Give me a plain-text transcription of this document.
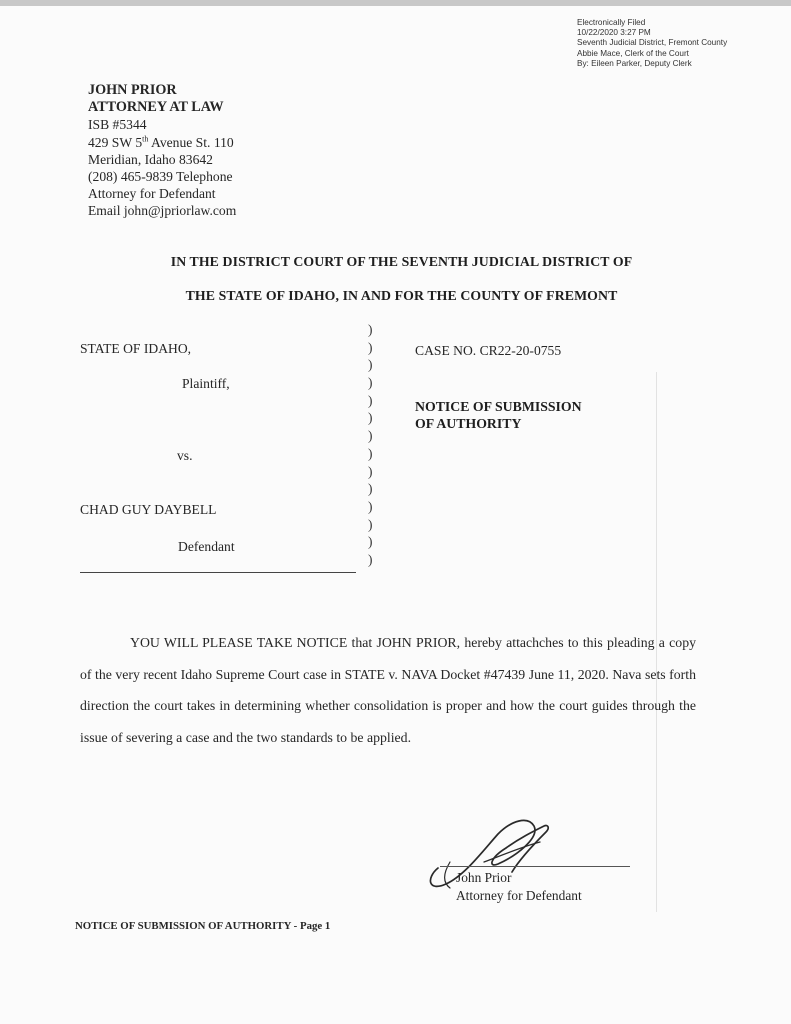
Electronically Filed
10/22/2020 3:27 PM
Seventh Judicial District, Fremont County
Abbie Mace, Clerk of the Court
By: Eileen Parker, Deputy Clerk
JOHN PRIOR
ATTORNEY AT LAW
ISB #5344
429 SW 5th Avenue St. 110
Meridian, Idaho 83642
(208) 465-9839 Telephone
Attorney for Defendant
Email john@jpriorlaw.com
IN THE DISTRICT COURT OF THE SEVENTH JUDICIAL DISTRICT OF
THE STATE OF IDAHO, IN AND FOR THE COUNTY OF FREMONT
STATE OF IDAHO,
Plaintiff,
vs.
CHAD GUY DAYBELL
Defendant
)
)
)
)
)
)
)
)
)
)
)
)
)
)
CASE NO. CR22-20-0755
NOTICE OF SUBMISSION
OF AUTHORITY

YOU WILL PLEASE TAKE NOTICE that JOHN PRIOR, hereby attachches to this pleading a copy of the very recent Idaho Supreme Court case in STATE v. NAVA Docket #47439 June 11, 2020. Nava sets forth direction the court takes in determining whether consolidation is proper and how the court guides through the issue of severing a case and the two standards to be applied.

John Prior
Attorney for Defendant
NOTICE OF SUBMISSION OF AUTHORITY - Page 1
